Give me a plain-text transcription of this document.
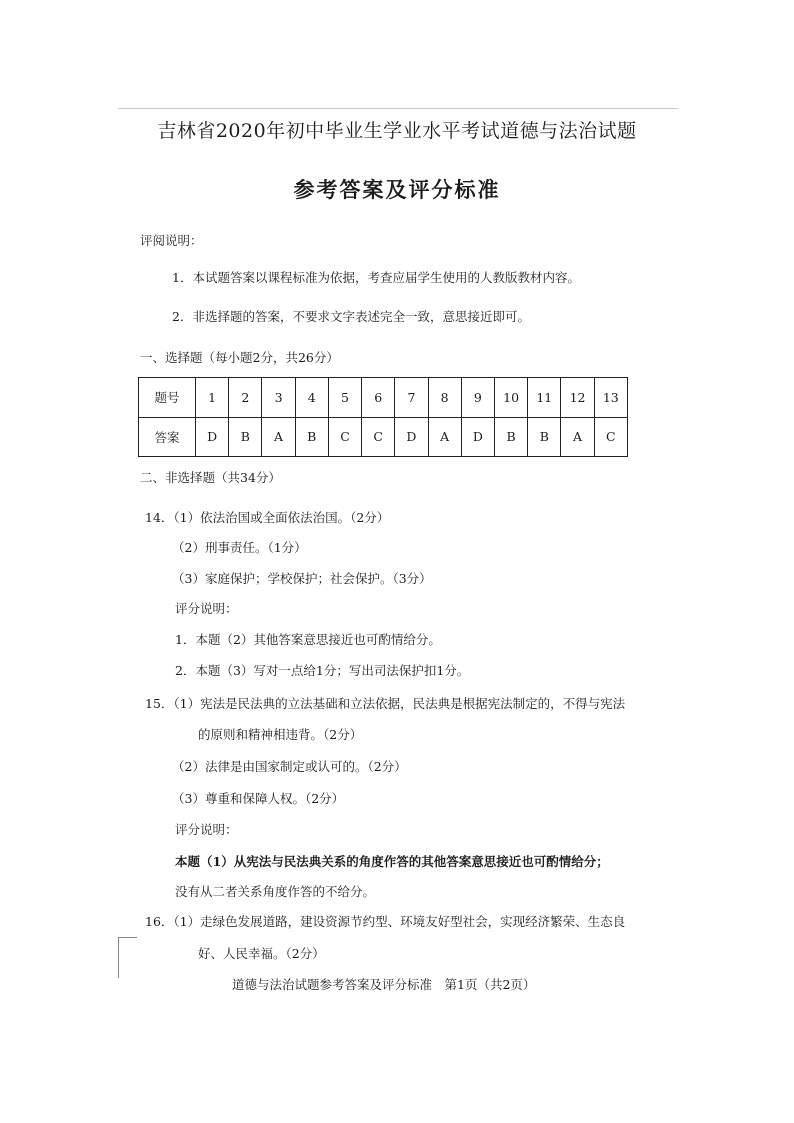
吉林省2020年初中毕业生学业水平考试道德与法治试题
参考答案及评分标准
评阅说明：
1．本试题答案以课程标准为依据，考查应届学生使用的人教版教材内容。
2．非选择题的答案，不要求文字表述完全一致，意思接近即可。
一、选择题（每小题2分，共26分）
题号	1	2	3	4	5	6	7	8	9	10	11	12	13
答案	D	B	A	B	C	C	D	A	D	B	B	A	C
二、非选择题（共34分）
14．（1）依法治国或全面依法治国。（2分）
（2）刑事责任。（1分）
（3）家庭保护；学校保护；社会保护。（3分）
评分说明：
1．本题（2）其他答案意思接近也可酌情给分。
2．本题（3）写对一点给1分；写出司法保护扣1分。
15．（1）宪法是民法典的立法基础和立法依据，民法典是根据宪法制定的，不得与宪法
的原则和精神相违背。（2分）
（2）法律是由国家制定或认可的。（2分）
（3）尊重和保障人权。（2分）
评分说明：
本题（1）从宪法与民法典关系的角度作答的其他答案意思接近也可酌情给分；
没有从二者关系角度作答的不给分。
16．（1）走绿色发展道路，建设资源节约型、环境友好型社会，实现经济繁荣、生态良
好、人民幸福。（2分）
道德与法治试题参考答案及评分标准　第1页（共2页）
